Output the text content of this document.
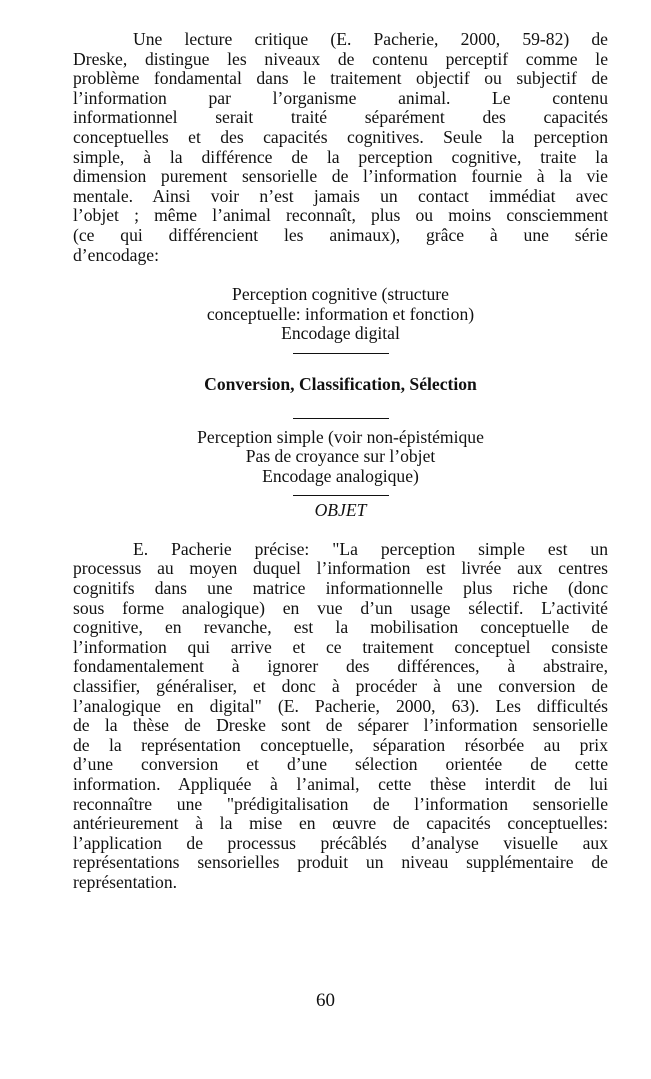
Une lecture critique (E. Pacherie, 2000, 59-82) de
Dreske, distingue les niveaux de contenu perceptif comme le
problème fondamental dans le traitement objectif ou subjectif de
l’information par l’organisme animal. Le contenu
informationnel serait traité séparément des capacités
conceptuelles et des capacités cognitives. Seule la perception
simple, à la différence de la perception cognitive, traite la
dimension purement sensorielle de l’information fournie à la vie
mentale. Ainsi voir n’est jamais un contact immédiat avec
l’objet ; même l’animal reconnaît, plus ou moins consciemment
(ce qui différencient les animaux), grâce à une série
d’encodage:

Perception cognitive (structure
conceptuelle: information et fonction)
Encodage digital
Conversion, Classification, Sélection
Perception simple (voir non-épistémique
Pas de croyance sur l’objet
Encodage analogique)
OBJET

E. Pacherie précise: "La perception simple est un
processus au moyen duquel l’information est livrée aux centres
cognitifs dans une matrice informationnelle plus riche (donc
sous forme analogique) en vue d’un usage sélectif. L’activité
cognitive, en revanche, est la mobilisation conceptuelle de
l’information qui arrive et ce traitement conceptuel consiste
fondamentalement à ignorer des différences, à abstraire,
classifier, généraliser, et donc à procéder à une conversion de
l’analogique en digital" (E. Pacherie, 2000, 63). Les difficultés
de la thèse de Dreske sont de séparer l’information sensorielle
de la représentation conceptuelle, séparation résorbée au prix
d’une conversion et d’une sélection orientée de cette
information. Appliquée à l’animal, cette thèse interdit de lui
reconnaître une "prédigitalisation de l’information sensorielle
antérieurement à la mise en œuvre de capacités conceptuelles:
l’application de processus précâblés d’analyse visuelle aux
représentations sensorielles produit un niveau supplémentaire de
représentation.

60
